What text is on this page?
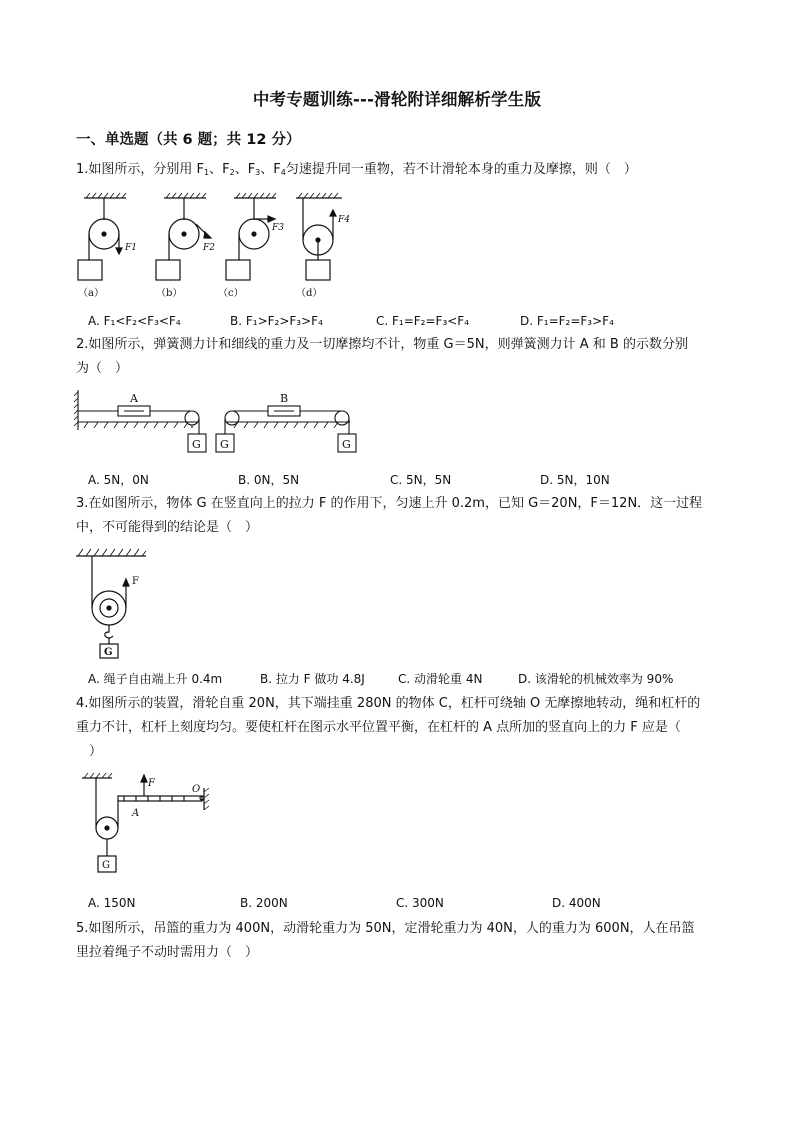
中考专题训练---滑轮附详细解析学生版
一、单选题（共 6 题；共 12 分）
1.如图所示，分别用 $F_1$、$F_2$、$F_3$、$F_4$匀速提升同一重物，若不计滑轮本身的重力及摩擦，则（　）
F1	F2
F3
F4
（a）	（b）	（c）	（d）
A. F₁<F₂<F₃<F₄	B. F₁>F₂>F₃>F₄	C. F₁=F₂=F₃<F₄	D. F₁=F₂=F₃>F₄
2.如图所示，弹簧测力计和细线的重力及一切摩擦均不计，物重 G＝5N，则弹簧测力计 A 和 B 的示数分别
为（　）
A	B
G G	G
A. 5N，0N	B. 0N，5N	C. 5N，5N	D. 5N，10N
3.在如图所示，物体 G 在竖直向上的拉力 F 的作用下，匀速上升 0.2m，已知 G＝20N，F＝12N．这一过程
中，不可能得到的结论是（　）
F
G
A. 绳子自由端上升 0.4m	B. 拉力 F 做功 4.8J	C. 动滑轮重 4N	D. 该滑轮的机械效率为 90%
4.如图所示的装置，滑轮自重 20N，其下端挂重 280N 的物体 C，杠杆可绕轴 O 无摩擦地转动，绳和杠杆的
重力不计，杠杆上刻度均匀。要使杠杆在图示水平位置平衡，在杠杆的 A 点所加的竖直向上的力 F 应是（
　）
F
O
A
G
A. 150N	B. 200N	C. 300N	D. 400N
5.如图所示，吊篮的重力为 400N，动滑轮重力为 50N，定滑轮重力为 40N，人的重力为 600N，人在吊篮
里拉着绳子不动时需用力（　）
